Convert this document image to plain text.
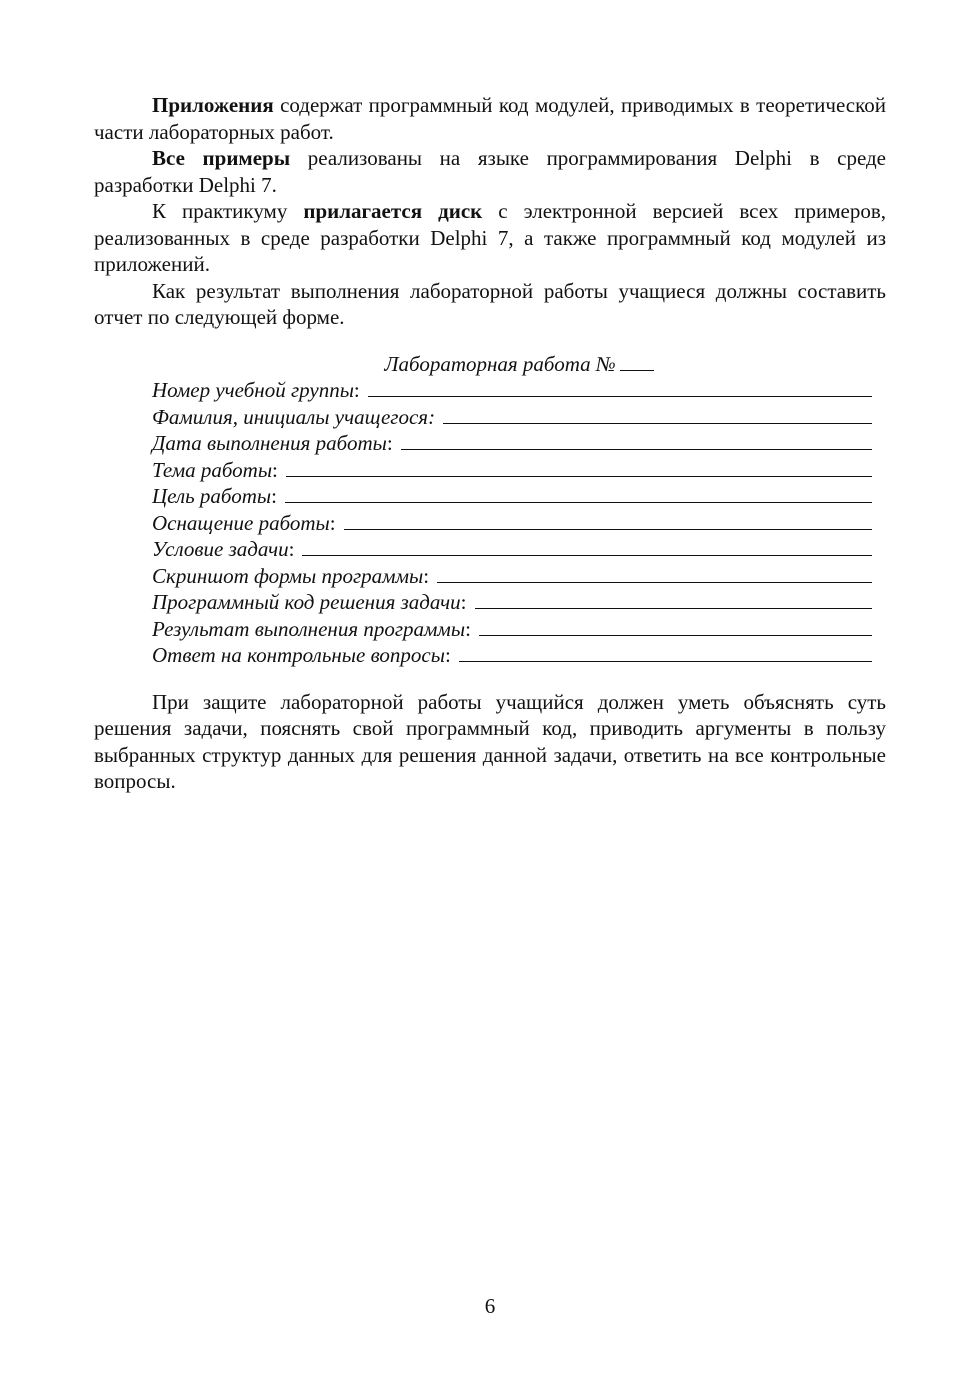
Приложения содержат программный код модулей, приводимых в теоретической части лабораторных работ.

Все примеры реализованы на языке программирования Delphi в среде разработки Delphi 7.

К практикуму прилагается диск с электронной версией всех примеров, реализованных в среде разработки Delphi 7, а также программный код модулей из приложений.

Как результат выполнения лабораторной работы учащиеся должны составить отчет по следующей форме.

Лабораторная работа №
Номер учебной группы :
Фамилия, инициалы учащегося:
Дата выполнения работы :
Тема работы :
Цель работы :
Оснащение работы :
Условие задачи :
Скриншот формы программы :
Программный код решения задачи :
Результат выполнения программы :
Ответ на контрольные вопросы :

При защите лабораторной работы учащийся должен уметь объяснять суть решения задачи, пояснять свой программный код, приводить аргументы в пользу выбранных структур данных для решения данной задачи, ответить на все контрольные вопросы.

6
